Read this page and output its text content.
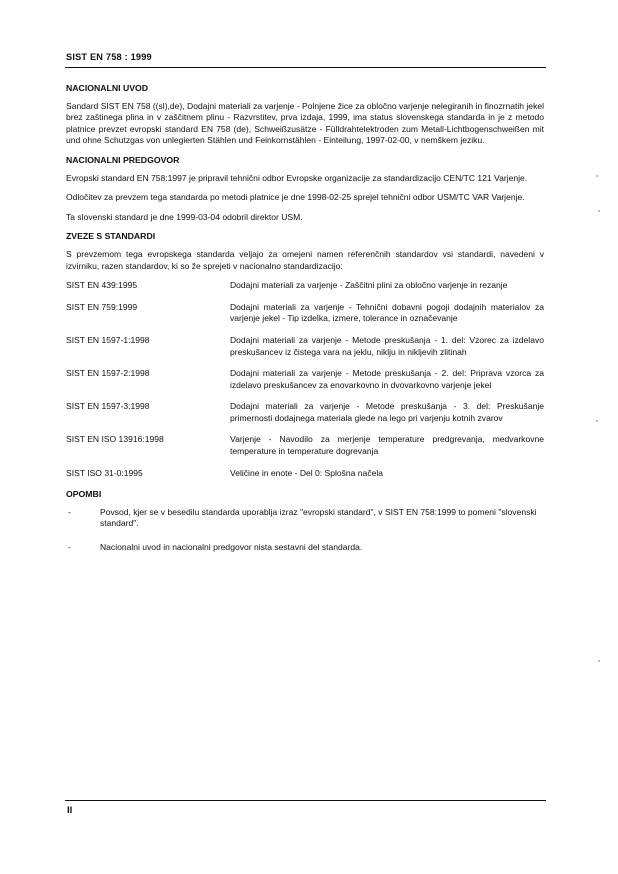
SIST EN 758 : 1999
NACIONALNI UVOD
Sandard SIST EN 758 ((sl),de), Dodajni materiali za varjenje - Polnjene žice za obločno varjenje nelegiranih in finozrnatih jekel brez zaštinega plina in v zaščitnem plinu - Razvrstitev, prva izdaja, 1999, ima status slovenskega standarda in je z metodo platnice prevzet evropski standard EN 758 (de), Schweißzusätze - Fülldrahtelektroden zum Metall-Lichtbogenschweißen mit und ohne Schutzgas von unlegierten Stählen und Feinkornstählen - Einteilung, 1997-02-00, v nemškem jeziku.
NACIONALNI PREDGOVOR
Evropski standard EN 758:1997 je pripravil tehnični odbor Evropske organizacije za standardizacijo CEN/TC 121 Varjenje.
Odločitev za prevzem tega standarda po metodi platnice je dne 1998-02-25 sprejel tehnični odbor USM/TC VAR Varjenje.
Ta slovenski standard je dne 1999-03-04 odobril direktor USM.
ZVEZE S STANDARDI
S prevzemom tega evropskega standarda veljajo za omejeni namen referenčnih standardov vsi standardi, navedeni v izvirniku, razen standardov, ki so že sprejeti v nacionalno standardizacijo:
SIST EN 439:1995	Dodajni materiali za varjenje - Zaščitni plini za obločno varjenje in rezanje
SIST EN 759:1999	Dodajni materiali za varjenje - Tehnični dobavni pogoji dodajnih materialov za varjenje jekel - Tip izdelka, izmere, tolerance in označevanje
SIST EN 1597-1:1998	Dodajni materiali za varjenje - Metode preskušanja - 1. del: Vzorec za izdelavo preskušancev iz čistega vara na jeklu, niklju in nikljevih zlitinah
SIST EN 1597-2:1998	Dodajni materiali za varjenje - Metode preskušanja - 2. del: Priprava vzorca za izdelavo preskušancev za enovarkovno in dvovarkovno varjenje jekel
SIST EN 1597-3:1998	Dodajni materiali za varjenje - Metode preskušanja - 3. del: Preskušanje primernosti dodajnega materiala glede na lego pri varjenju kotnih zvarov
SIST EN ISO 13916:1998	Varjenje - Navodilo za merjenje temperature predgrevanja, medvarkovne temperature in temperature dogrevanja
SIST ISO 31-0:1995	Veličine in enote - Del 0: Splošna načela
OPOMBI
-	Povsod, kjer se v besedilu standarda uporablja izraz "evropski standard", v SIST EN 758:1999 to pomeni "slovenski standard".
-	Nacionalni uvod in nacionalni predgovor nista sestavni del standarda.
II
